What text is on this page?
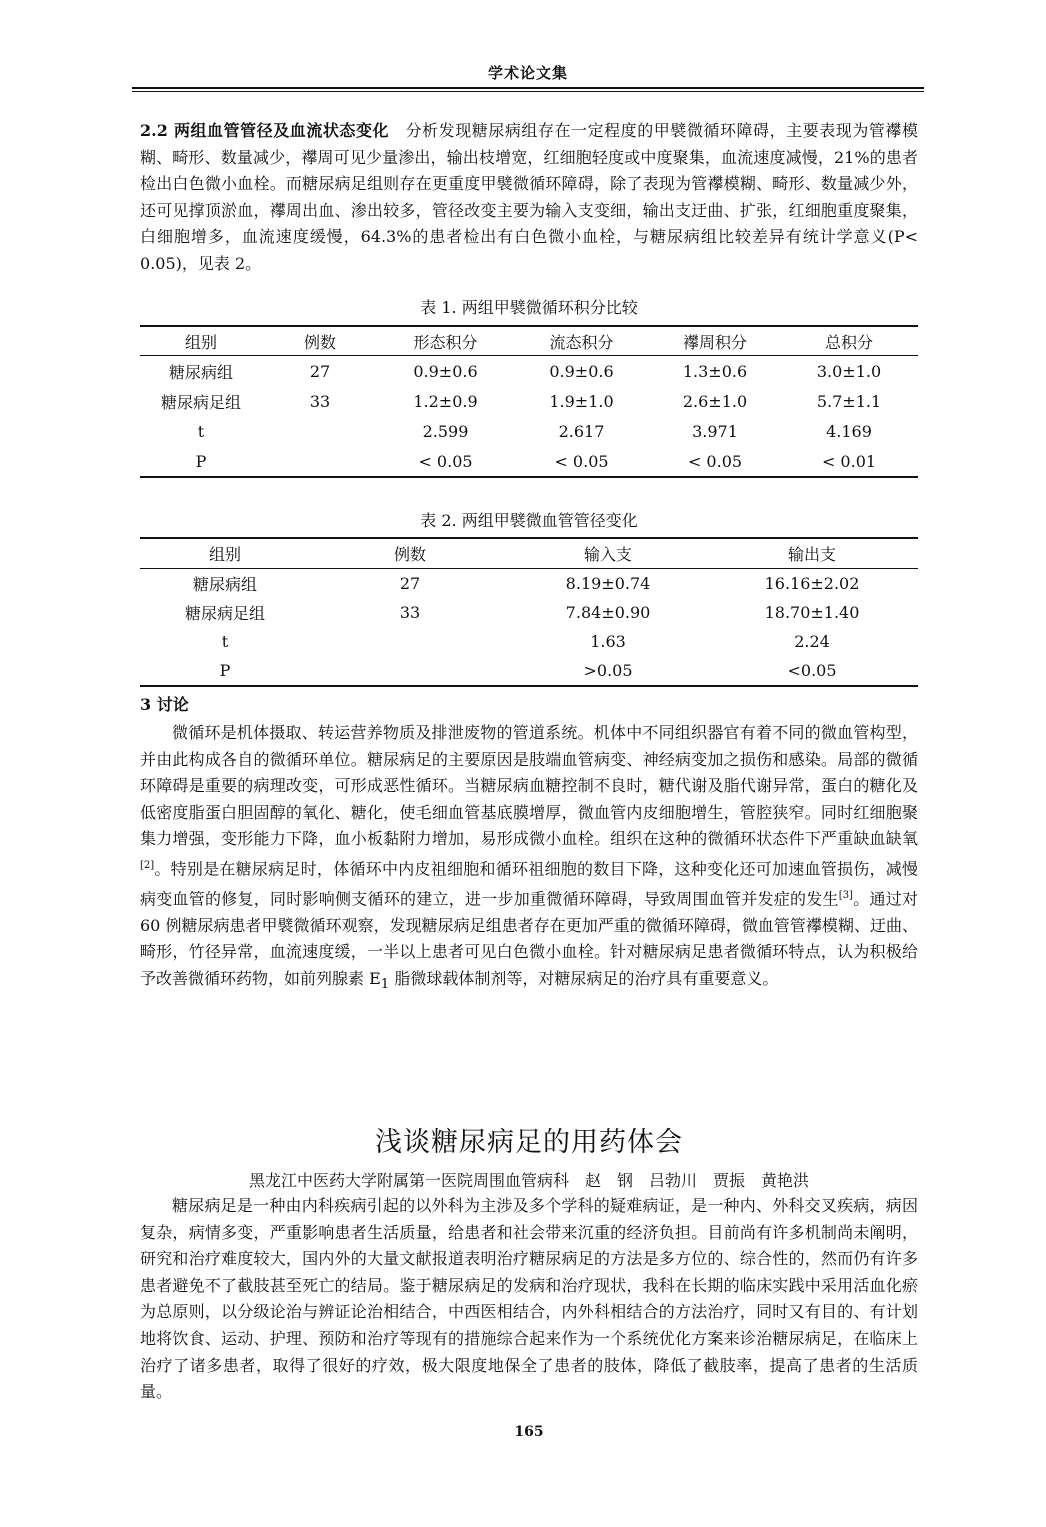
学术论文集

2.2 两组血管管径及血流状态变化　 分析发现糖尿病组存在一定程度的甲襞微循环障碍，主要表现为管襻模糊、畸形、数量减少，襻周可见少量渗出，输出枝增宽，红细胞轻度或中度聚集，血流速度减慢，21%的患者检出白色微小血栓。而糖尿病足组则存在更重度甲襞微循环障碍，除了表现为管襻模糊、畸形、数量减少外，还可见撑顶淤血，襻周出血、渗出较多，管径改变主要为输入支变细，输出支迂曲、扩张，红细胞重度聚集，白细胞增多，血流速度缓慢，64.3%的患者检出有白色微小血栓，与糖尿病组比较差异有统计学意义(P< 0.05)，见表 2。

表 1. 两组甲襞微循环积分比较
组别	例数	形态积分	流态积分	襻周积分	总积分
糖尿病组	27	0.9±0.6	0.9±0.6	1.3±0.6	3.0±1.0
糖尿病足组	33	1.2±0.9	1.9±1.0	2.6±1.0	5.7±1.1
t		2.599	2.617	3.971	4.169
P		< 0.05	< 0.05	< 0.05	< 0.01
表 2. 两组甲襞微血管管径变化
组别	例数	输入支	输出支
糖尿病组	27	8.19±0.74	16.16±2.02
糖尿病足组	33	7.84±0.90	18.70±1.40
t		1.63	2.24
P		>0.05	<0.05
3 讨论

微循环是机体摄取、转运营养物质及排泄废物的管道系统。机体中不同组织器官有着不同的微血管构型，并由此构成各自的微循环单位。糖尿病足的主要原因是肢端血管病变、神经病变加之损伤和感染。局部的微循环障碍是重要的病理改变，可形成恶性循环。当糖尿病血糖控制不良时，糖代谢及脂代谢异常，蛋白的糖化及低密度脂蛋白胆固醇的氧化、糖化，使毛细血管基底膜增厚，微血管内皮细胞增生，管腔狭窄。同时红细胞聚集力增强，变形能力下降，血小板黏附力增加，易形成微小血栓。组织在这种的微循环状态件下严重缺血缺氧[2]。特别是在糖尿病足时，体循环中内皮祖细胞和循环祖细胞的数目下降，这种变化还可加速血管损伤，减慢病变血管的修复，同时影响侧支循环的建立，进一步加重微循环障碍，导致周围血管并发症的发生[3]。通过对 60 例糖尿病患者甲襞微循环观察，发现糖尿病足组患者存在更加严重的微循环障碍，微血管管襻模糊、迂曲、畸形，竹径异常，血流速度缓，一半以上患者可见白色微小血栓。针对糖尿病足患者微循环特点，认为积极给予改善微循环药物，如前列腺素 $E_1$ 脂微球载体制剂等，对糖尿病足的治疗具有重要意义。

浅谈糖尿病足的用药体会
黑龙江中医药大学附属第一医院周围血管病科　赵　钢　吕勃川　贾振　黄艳洪

糖尿病足是一种由内科疾病引起的以外科为主涉及多个学科的疑难病证，是一种内、外科交叉疾病，病因复杂，病情多变，严重影响患者生活质量，给患者和社会带来沉重的经济负担。目前尚有许多机制尚未阐明，研究和治疗难度较大，国内外的大量文献报道表明治疗糖尿病足的方法是多方位的、综合性的，然而仍有许多患者避免不了截肢甚至死亡的结局。鉴于糖尿病足的发病和治疗现状，我科在长期的临床实践中采用活血化瘀为总原则，以分级论治与辨证论治相结合，中西医相结合，内外科相结合的方法治疗，同时又有目的、有计划地将饮食、运动、护理、预防和治疗等现有的措施综合起来作为一个系统优化方案来诊治糖尿病足，在临床上治疗了诸多患者，取得了很好的疗效，极大限度地保全了患者的肢体，降低了截肢率，提高了患者的生活质量。

165
